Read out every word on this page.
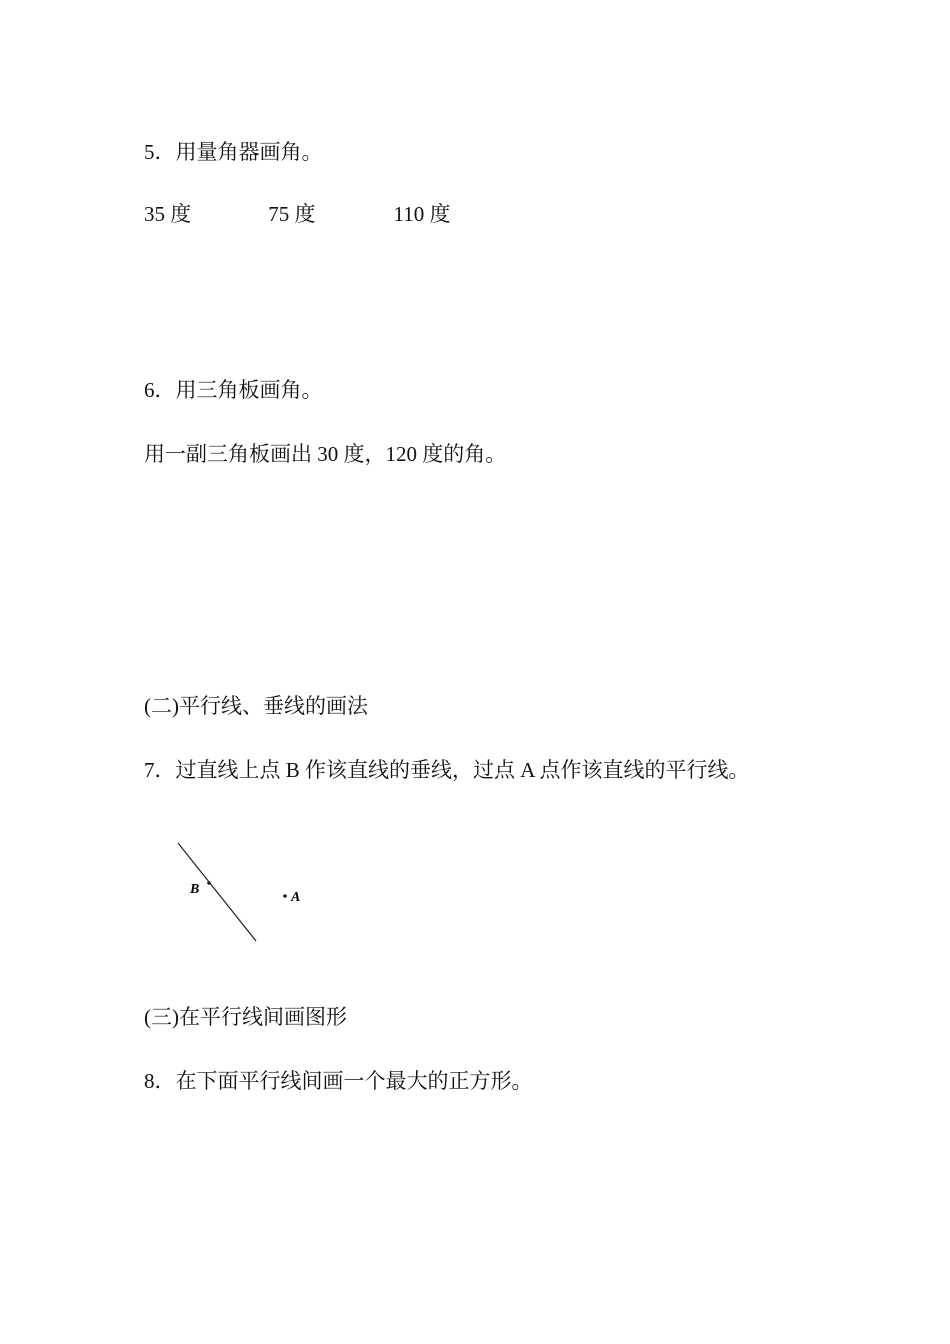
5．用量角器画角。
35 度	75 度	110 度
6．用三角板画角。
用一副三角板画出 30 度，120 度的角。
(二)平行线、垂线的画法
7．过直线上点 B 作该直线的垂线，过点 A 点作该直线的平行线。
B
A
(三)在平行线间画图形
8．在下面平行线间画一个最大的正方形。
